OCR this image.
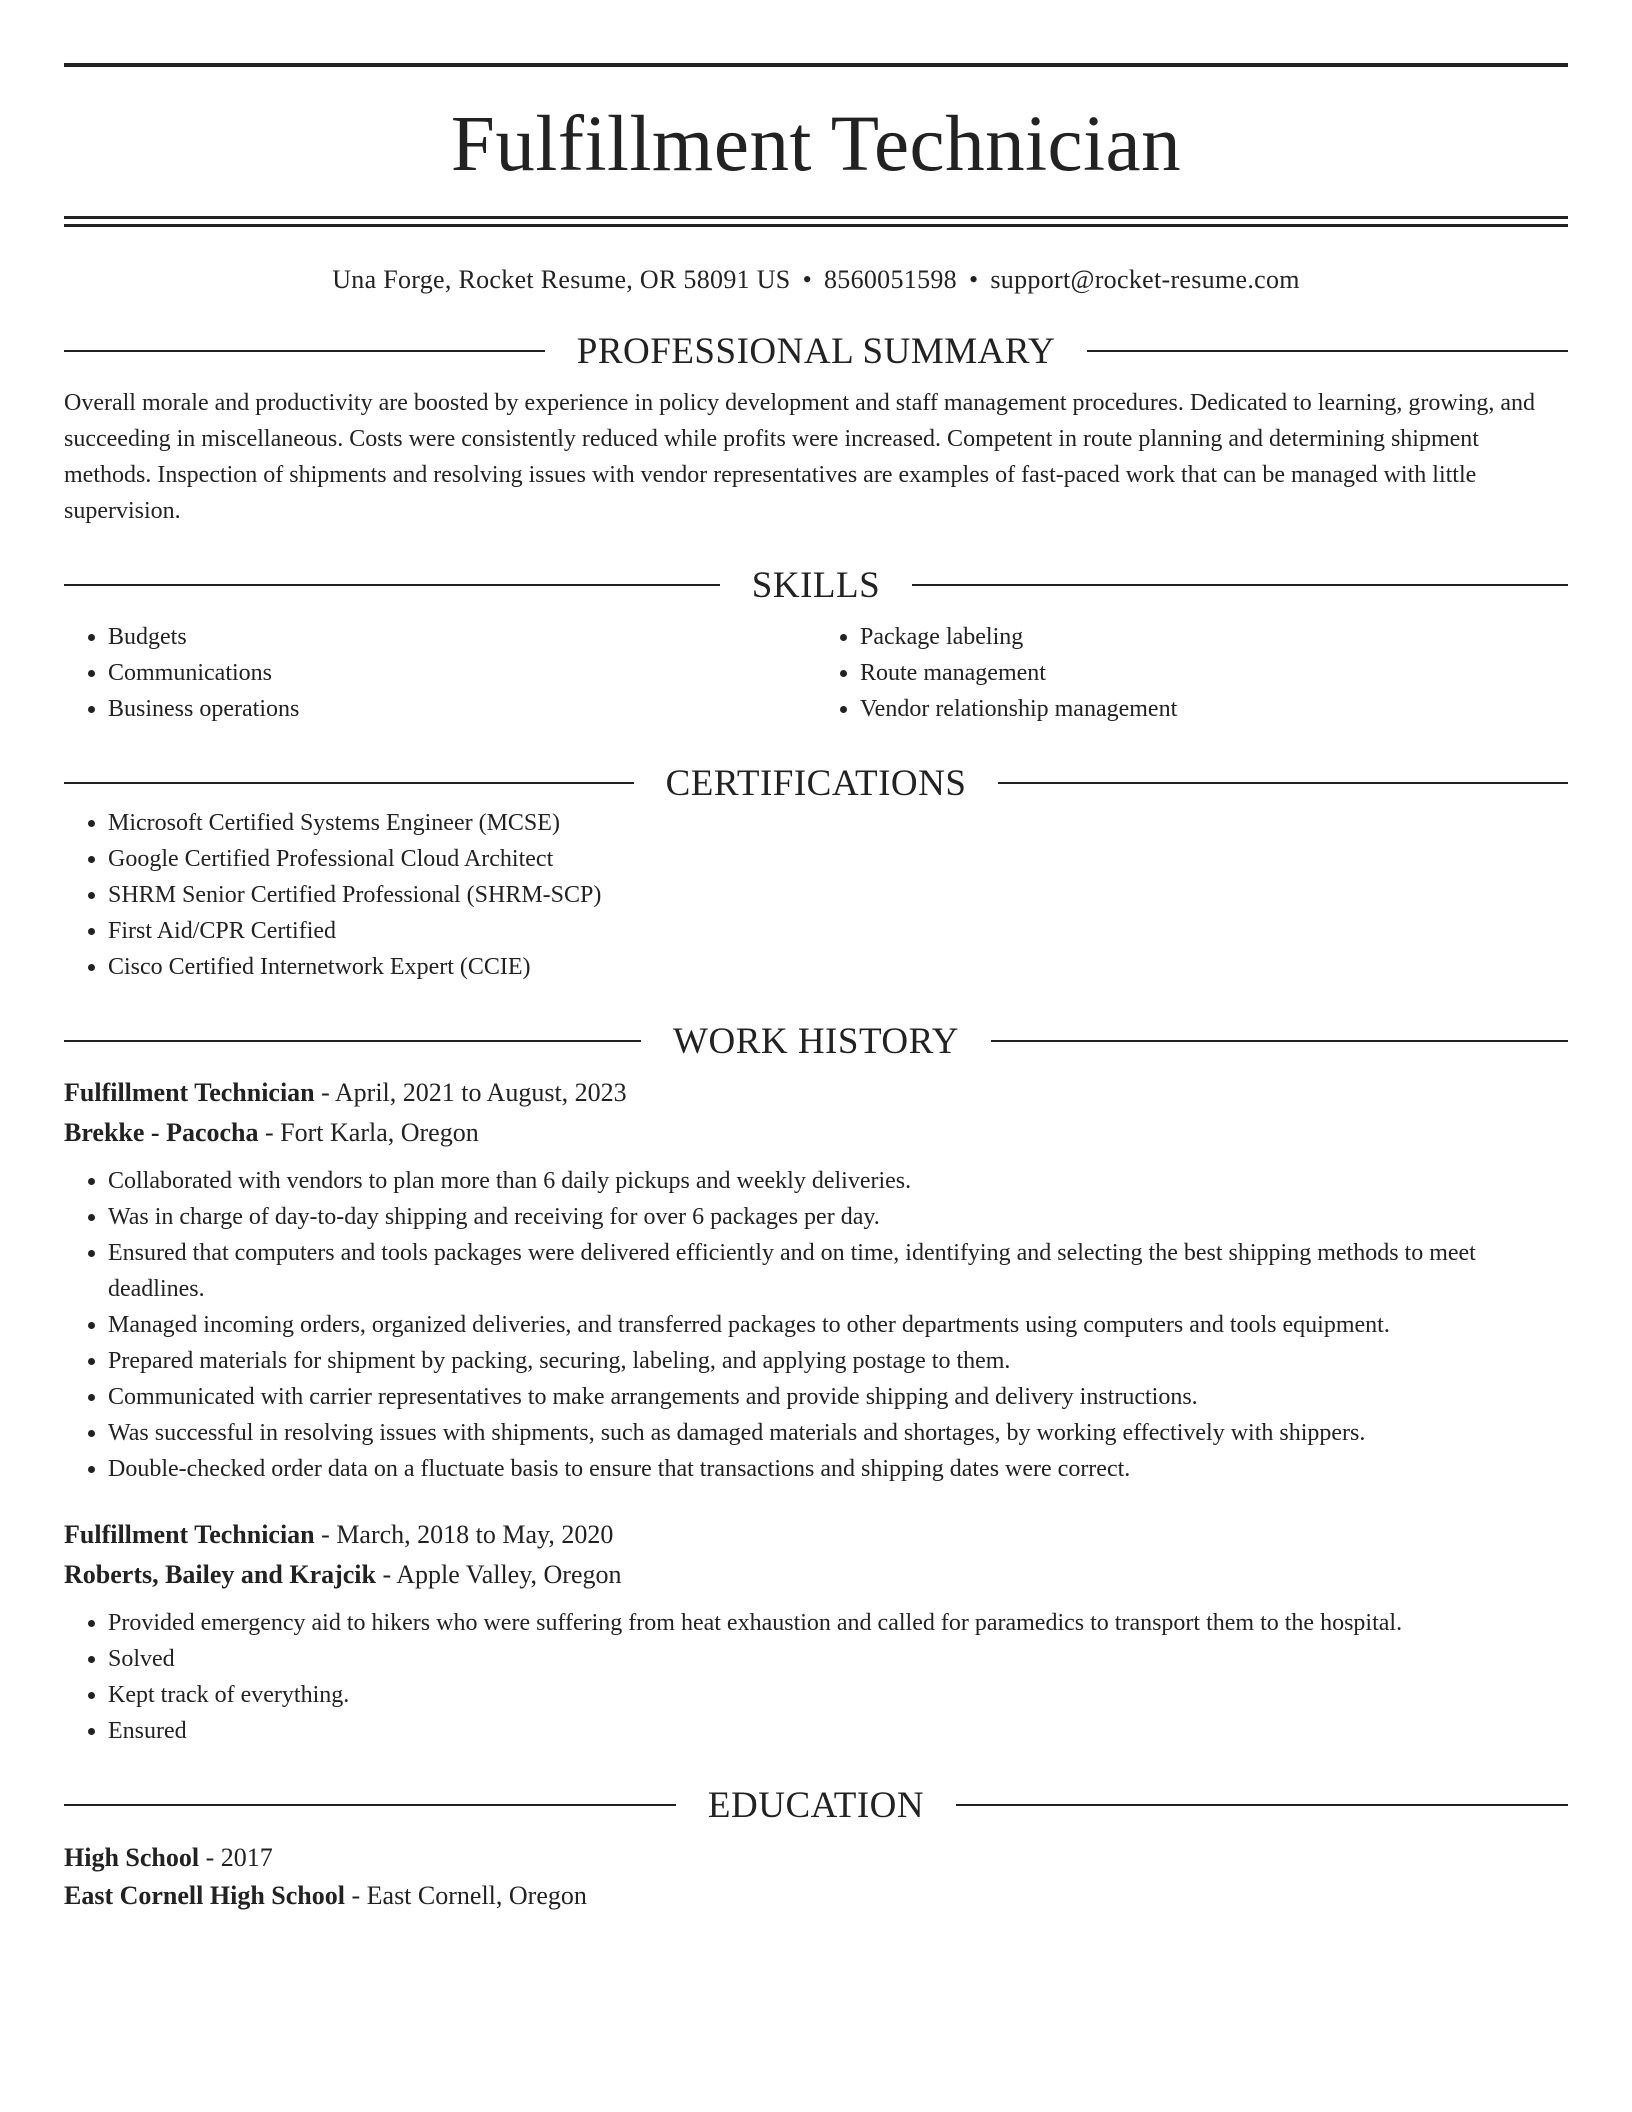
Fulfillment Technician
Una Forge, Rocket Resume, OR 58091 US • 8560051598 • support@rocket-resume.com
PROFESSIONAL SUMMARY
Overall morale and productivity are boosted by experience in policy development and staff management procedures. Dedicated to learning, growing, and succeeding in miscellaneous. Costs were consistently reduced while profits were increased. Competent in route planning and determining shipment methods. Inspection of shipments and resolving issues with vendor representatives are examples of fast-paced work that can be managed with little supervision.
SKILLS
• Budgets
• Communications
• Business operations
• Package labeling
• Route management
• Vendor relationship management
CERTIFICATIONS
• Microsoft Certified Systems Engineer (MCSE)
• Google Certified Professional Cloud Architect
• SHRM Senior Certified Professional (SHRM-SCP)
• First Aid/CPR Certified
• Cisco Certified Internetwork Expert (CCIE)
WORK HISTORY
Fulfillment Technician - April, 2021 to August, 2023
Brekke - Pacocha - Fort Karla, Oregon
• Collaborated with vendors to plan more than 6 daily pickups and weekly deliveries.
• Was in charge of day-to-day shipping and receiving for over 6 packages per day.
• Ensured that computers and tools packages were delivered efficiently and on time, identifying and selecting the best shipping methods to meet deadlines.
• Managed incoming orders, organized deliveries, and transferred packages to other departments using computers and tools equipment.
• Prepared materials for shipment by packing, securing, labeling, and applying postage to them.
• Communicated with carrier representatives to make arrangements and provide shipping and delivery instructions.
• Was successful in resolving issues with shipments, such as damaged materials and shortages, by working effectively with shippers.
• Double-checked order data on a fluctuate basis to ensure that transactions and shipping dates were correct.
Fulfillment Technician - March, 2018 to May, 2020
Roberts, Bailey and Krajcik - Apple Valley, Oregon
• Provided emergency aid to hikers who were suffering from heat exhaustion and called for paramedics to transport them to the hospital.
• Solved
• Kept track of everything.
• Ensured
EDUCATION
High School - 2017
East Cornell High School - East Cornell, Oregon
